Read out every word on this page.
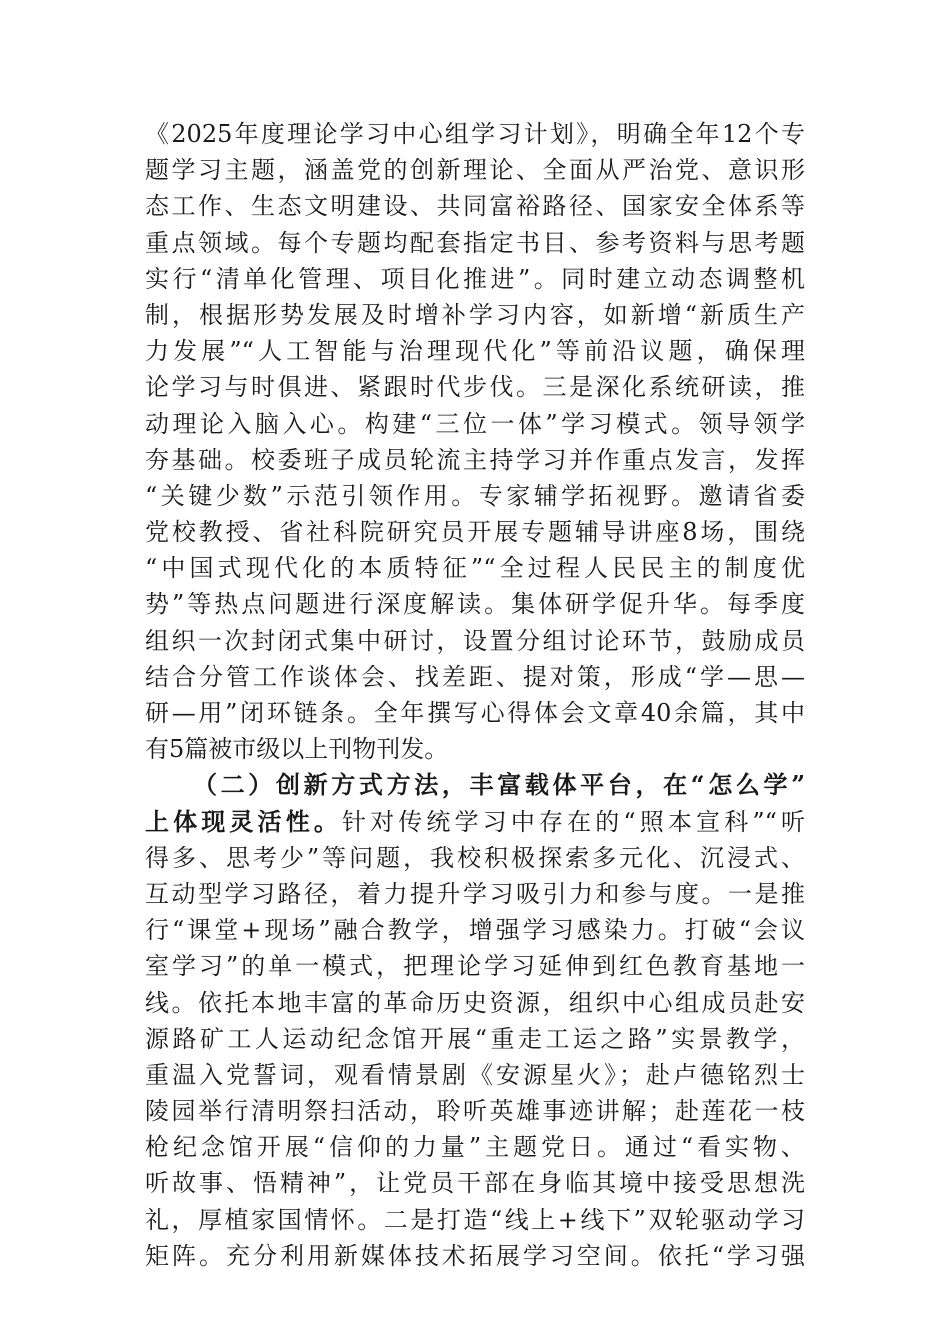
《2025年度理论学习中心组学习计划》，明确全年12个专
题学习主题，涵盖党的创新理论、全面从严治党、意识形
态工作、生态文明建设、共同富裕路径、国家安全体系等
重点领域。每个专题均配套指定书目、参考资料与思考题
实行“清单化管理、项目化推进”。同时建立动态调整机
制，根据形势发展及时增补学习内容，如新增“新质生产
力发展”“人工智能与治理现代化”等前沿议题，确保理
论学习与时俱进、紧跟时代步伐。三是深化系统研读，推
动理论入脑入心。构建“三位一体”学习模式。领导领学
夯基础。校委班子成员轮流主持学习并作重点发言，发挥
“关键少数”示范引领作用。专家辅学拓视野。邀请省委
党校教授、省社科院研究员开展专题辅导讲座8场，围绕
“中国式现代化的本质特征”“全过程人民民主的制度优
势”等热点问题进行深度解读。集体研学促升华。每季度
组织一次封闭式集中研讨，设置分组讨论环节，鼓励成员
结合分管工作谈体会、找差距、提对策，形成“学—思—
研—用”闭环链条。全年撰写心得体会文章40余篇，其中
有5篇被市级以上刊物刊发。
（二）创新方式方法，丰富载体平台，在“怎么学”
上体现灵活性。针对传统学习中存在的“照本宣科”“听
得多、思考少”等问题，我校积极探索多元化、沉浸式、
互动型学习路径，着力提升学习吸引力和参与度。一是推
行“课堂+现场”融合教学，增强学习感染力。打破“会议
室学习”的单一模式，把理论学习延伸到红色教育基地一
线。依托本地丰富的革命历史资源，组织中心组成员赴安
源路矿工人运动纪念馆开展“重走工运之路”实景教学，
重温入党誓词，观看情景剧《安源星火》；赴卢德铭烈士
陵园举行清明祭扫活动，聆听英雄事迹讲解；赴莲花一枝
枪纪念馆开展“信仰的力量”主题党日。通过“看实物、
听故事、悟精神”，让党员干部在身临其境中接受思想洗
礼，厚植家国情怀。二是打造“线上+线下”双轮驱动学习
矩阵。充分利用新媒体技术拓展学习空间。依托“学习强
